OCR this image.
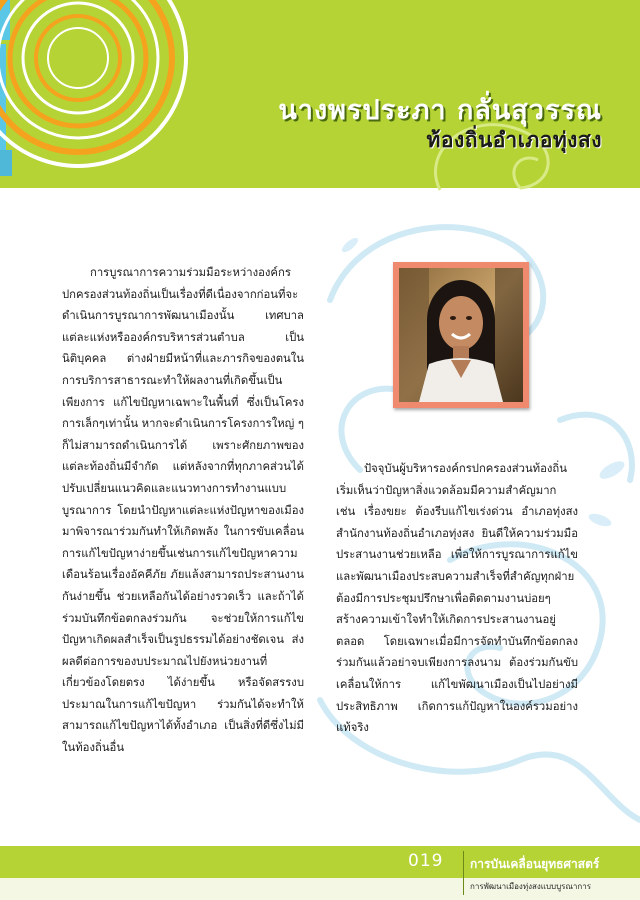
นางพรประภา กลั่นสุวรรณ
ท้องถิ่นอำเภอทุ่งสง

การบูรณาการความร่วมมือระหว่างองค์กรปกครองส่วนท้องถิ่นเป็นเรื่องที่ดีเนื่องจากก่อนที่จะดำเนินการบูรณาการพัฒนาเมืองนั้น เทศบาลแต่ละแห่งหรือองค์กรบริหารส่วนตำบล เป็นนิติบุคคล ต่างฝ่ายมีหน้าที่และภารกิจของตนในการบริการสาธารณะทำให้ผลงานที่เกิดขึ้นเป็นเพียงการ แก้ไขปัญหาเฉพาะในพื้นที่ ซึ่งเป็นโครงการเล็กๆเท่านั้น หากจะดำเนินการโครงการใหญ่ ๆ ก็ไม่สามารถดำเนินการได้ เพราะศักยภาพของแต่ละท้องถิ่นมีจำกัด แต่หลังจากที่ทุกภาคส่วนได้ปรับเปลี่ยนแนวคิดและแนวทางการทำงานแบบบูรณาการ โดยนำปัญหาแต่ละแห่งปัญหาของเมืองมาพิจารณาร่วมกันทำให้เกิดพลัง ในการขับเคลื่อนการแก้ไขปัญหาง่ายขึ้นเช่นการแก้ไขปัญหาความเดือนร้อนเรื่องอัคคีภัย ภัยแล้งสามารถประสานงานกันง่ายขึ้น ช่วยเหลือกันได้อย่างรวดเร็ว และถ้าได้ร่วมบันทึกข้อตกลงร่วมกัน จะช่วยให้การแก้ไขปัญหาเกิดผลสำเร็จเป็นรูปธรรมได้อย่างชัดเจน ส่งผลดีต่อการของบประมาณไปยังหน่วยงานที่เกี่ยวข้องโดยตรง ได้ง่ายขึ้น หรือจัดสรรงบประมาณในการแก้ไขปัญหา ร่วมกันได้จะทำให้สามารถแก้ไขปัญหาได้ทั้งอำเภอ เป็นสิ่งที่ดีซึ่งไม่มีในท้องถิ่นอื่น

ปัจจุบันผู้บริหารองค์กรปกครองส่วนท้องถิ่นเริ่มเห็นว่าปัญหาสิ่งแวดล้อมมีความสำคัญมาก เช่น เรื่องขยะ ต้องรีบแก้ไขเร่งด่วน อำเภอทุ่งสงสำนักงานท้องถิ่นอำเภอทุ่งสง ยินดีให้ความร่วมมือประสานงานช่วยเหลือ เพื่อให้การบูรณาการแก้ไขและพัฒนาเมืองประสบความสำเร็จที่สำคัญทุกฝ่ายต้องมีการประชุมปรึกษาเพื่อติดตามงานบ่อยๆ สร้างความเข้าใจทำให้เกิดการประสานงานอยู่ตลอด โดยเฉพาะเมื่อมีการจัดทำบันทึกข้อตกลงร่วมกันแล้วอย่าจบเพียงการลงนาม ต้องร่วมกันขับเคลื่อนให้การ แก้ไขพัฒนาเมืองเป็นไปอย่างมีประสิทธิภาพ เกิดการแก้ปัญหาในองค์รวมอย่างแท้จริง

019 การบันเคลื่อนยุทธศาสตร์
การพัฒนาเมืองทุ่งสงแบบบูรณาการ
